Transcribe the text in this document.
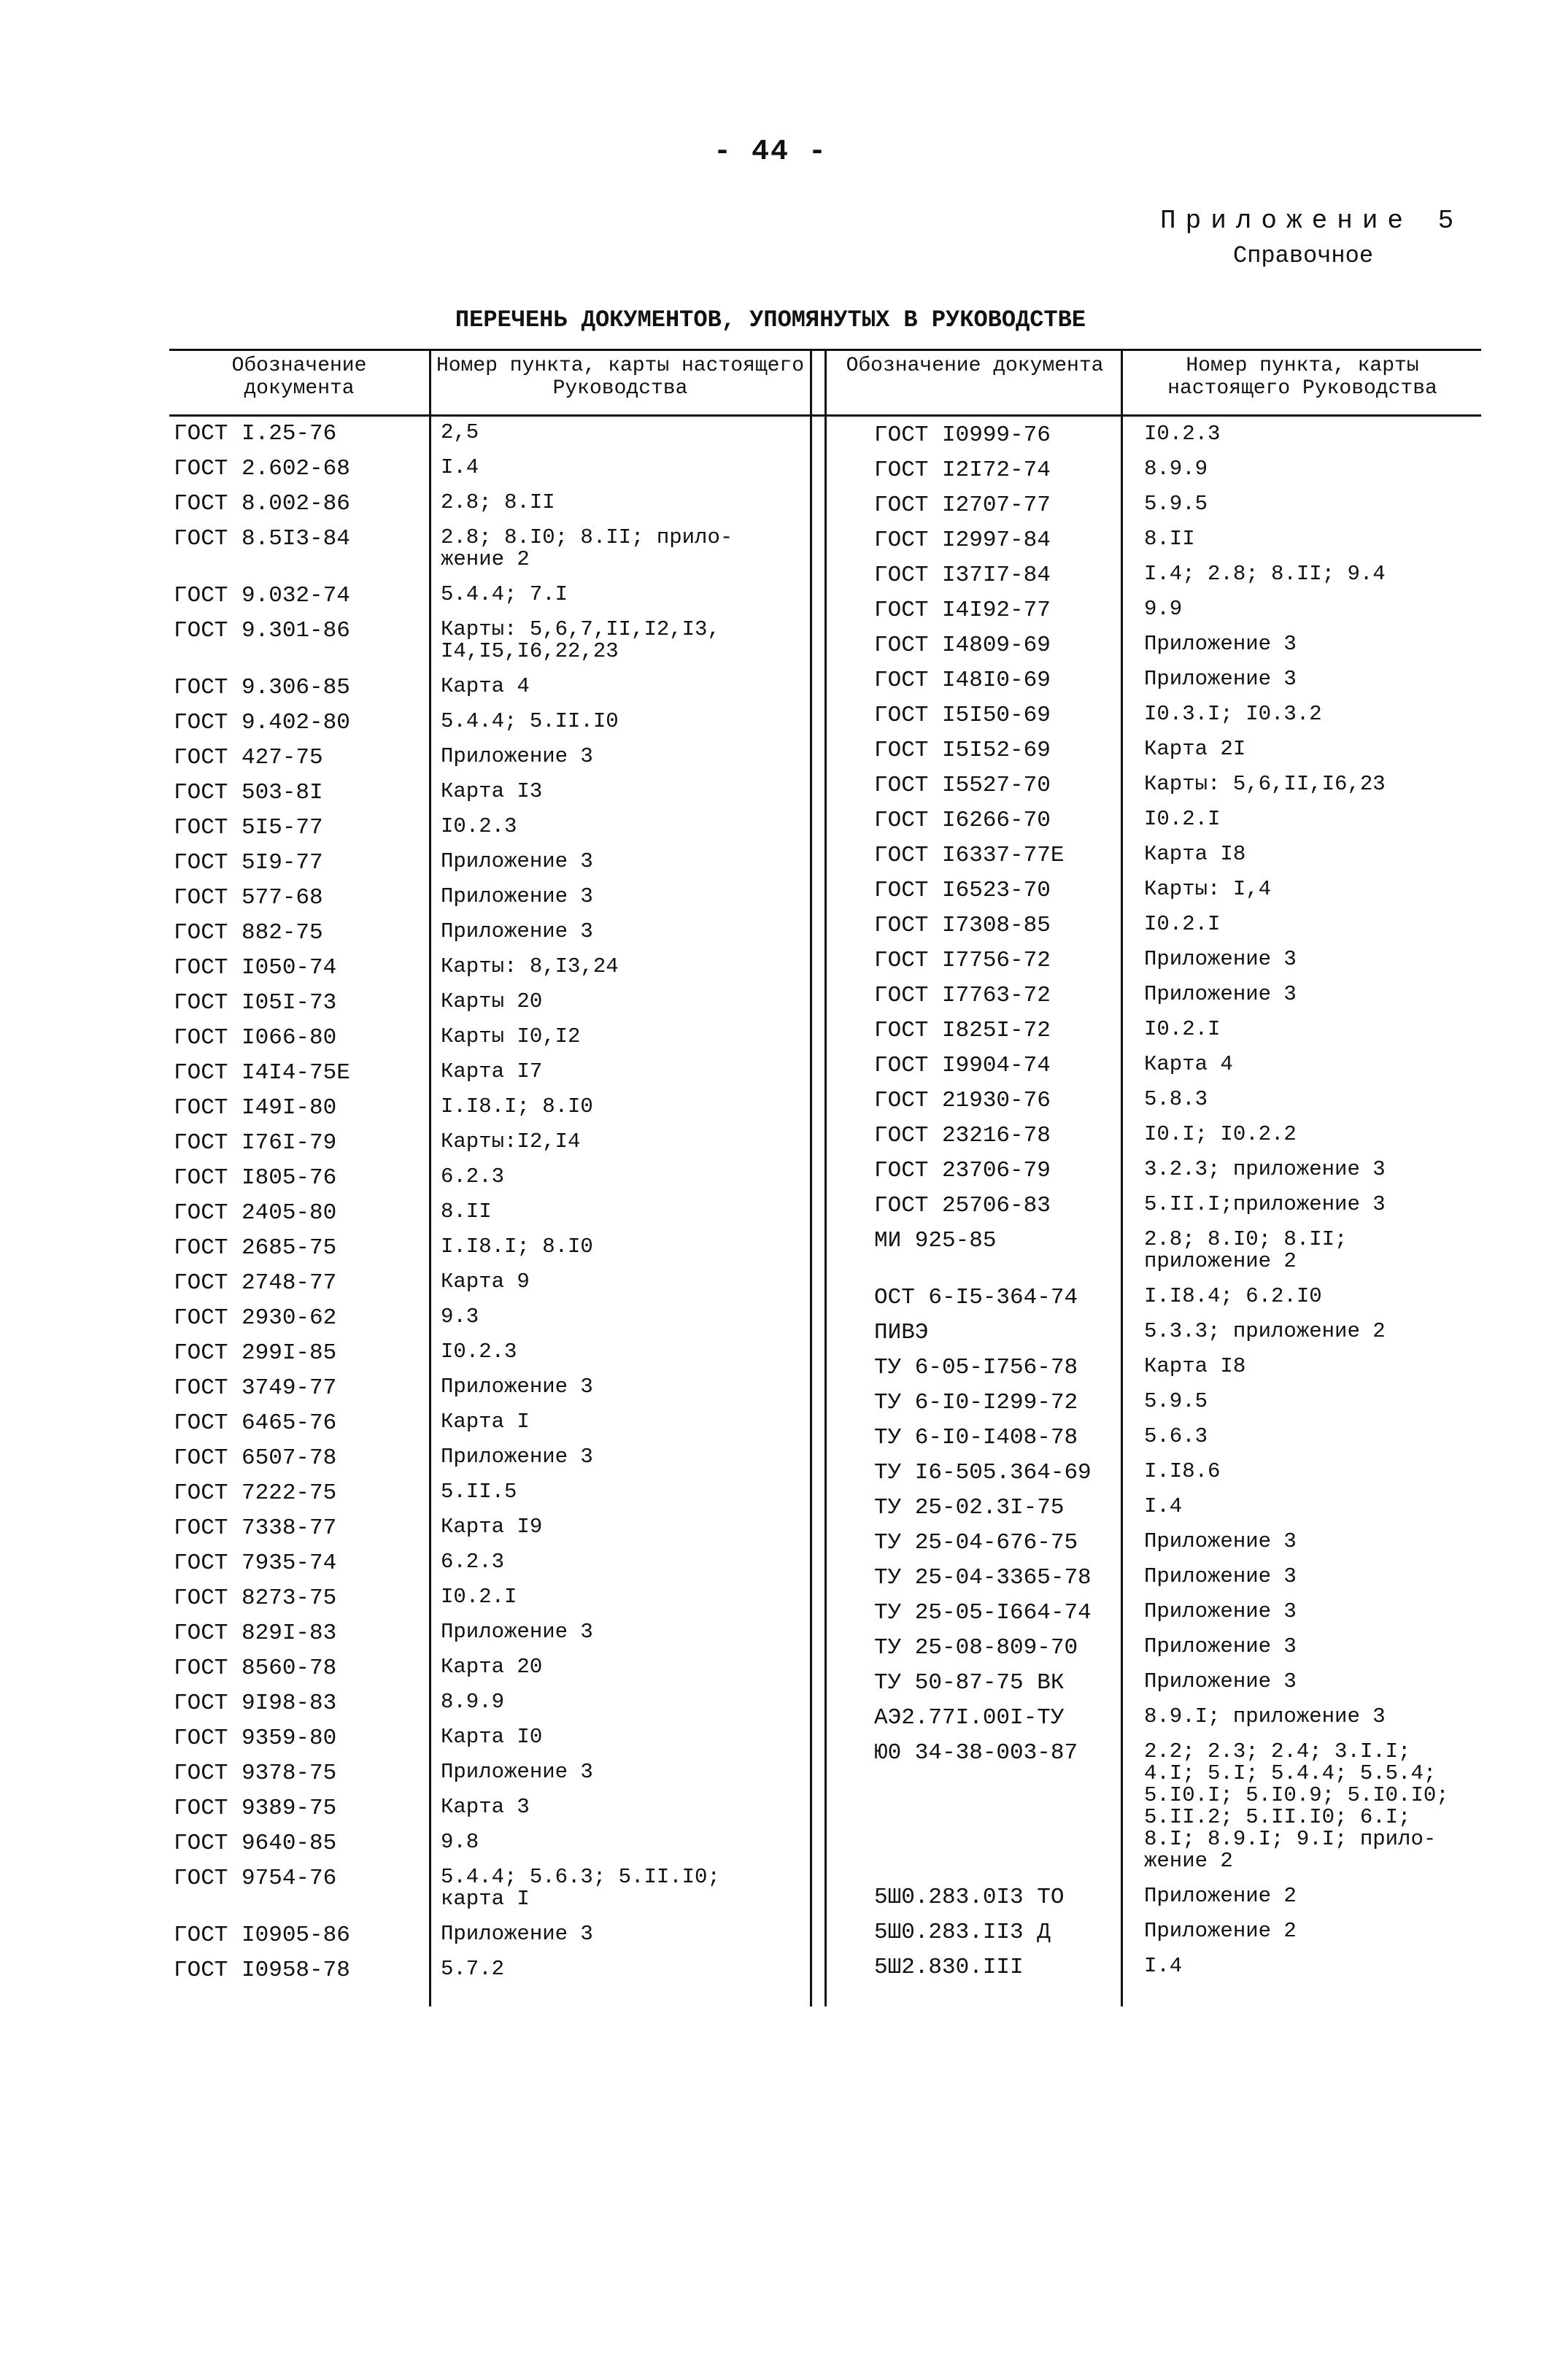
- 44 -
Приложение 5
Справочное
ПЕРЕЧЕНЬ ДОКУМЕНТОВ, УПОМЯНУТЫХ В РУКОВОДСТВЕ
Обозначение документа
Номер пункта, карты настоящего Руководства
Обозначение документа	Номер пункта, карты настоящего Руководства
ГОСТ I.25-76	2,5
ГОСТ 2.602-68	I.4
ГОСТ 8.002-86	2.8; 8.II
ГОСТ 8.5I3-84	2.8; 8.I0; 8.II; прило-
жение 2
ГОСТ 9.032-74	5.4.4; 7.I
ГОСТ 9.301-86	Карты: 5,6,7,II,I2,I3,
I4,I5,I6,22,23
ГОСТ 9.306-85	Карта 4
ГОСТ 9.402-80	5.4.4; 5.II.I0
ГОСТ 427-75	Приложение 3
ГОСТ 503-8I	Карта I3
ГОСТ 5I5-77	I0.2.3
ГОСТ 5I9-77	Приложение 3
ГОСТ 577-68	Приложение 3
ГОСТ 882-75	Приложение 3
ГОСТ I050-74	Карты: 8,I3,24
ГОСТ I05I-73	Карты 20
ГОСТ I066-80	Карты I0,I2
ГОСТ I4I4-75Е	Карта I7
ГОСТ I49I-80	I.I8.I; 8.I0
ГОСТ I76I-79	Карты:I2,I4
ГОСТ I805-76	6.2.3
ГОСТ 2405-80	8.II
ГОСТ 2685-75	I.I8.I; 8.I0
ГОСТ 2748-77	Карта 9
ГОСТ 2930-62	9.3
ГОСТ 299I-85	I0.2.3
ГОСТ 3749-77	Приложение 3
ГОСТ 6465-76	Карта I
ГОСТ 6507-78	Приложение 3
ГОСТ 7222-75	5.II.5
ГОСТ 7338-77	Карта I9
ГОСТ 7935-74	6.2.3
ГОСТ 8273-75	I0.2.I
ГОСТ 829I-83	Приложение 3
ГОСТ 8560-78	Карта 20
ГОСТ 9I98-83	8.9.9
ГОСТ 9359-80	Карта I0
ГОСТ 9378-75	Приложение 3
ГОСТ 9389-75	Карта 3
ГОСТ 9640-85	9.8
ГОСТ 9754-76	5.4.4; 5.6.3; 5.II.I0;
карта I
ГОСТ I0905-86	Приложение 3
ГОСТ I0958-78	5.7.2
ГОСТ I0999-76	I0.2.3
ГОСТ I2I72-74	8.9.9
ГОСТ I2707-77	5.9.5
ГОСТ I2997-84	8.II
ГОСТ I37I7-84	I.4; 2.8; 8.II; 9.4
ГОСТ I4I92-77	9.9
ГОСТ I4809-69	Приложение 3
ГОСТ I48I0-69	Приложение 3
ГОСТ I5I50-69	I0.3.I; I0.3.2
ГОСТ I5I52-69	Карта 2I
ГОСТ I5527-70	Карты: 5,6,II,I6,23
ГОСТ I6266-70	I0.2.I
ГОСТ I6337-77Е	Карта I8
ГОСТ I6523-70	Карты: I,4
ГОСТ I7308-85	I0.2.I
ГОСТ I7756-72	Приложение 3
ГОСТ I7763-72	Приложение 3
ГОСТ I825I-72	I0.2.I
ГОСТ I9904-74	Карта 4
ГОСТ 21930-76	5.8.3
ГОСТ 23216-78	I0.I; I0.2.2
ГОСТ 23706-79	3.2.3; приложение 3
ГОСТ 25706-83	5.II.I;приложение 3
МИ 925-85	2.8; 8.I0; 8.II;
приложение 2
ОСТ 6-I5-364-74	I.I8.4; 6.2.I0
ПИВЭ	5.3.3; приложение 2
ТУ 6-05-I756-78	Карта I8
ТУ 6-I0-I299-72	5.9.5
ТУ 6-I0-I408-78	5.6.3
ТУ I6-505.364-69 I.I8.6
ТУ 25-02.3I-75	I.4
ТУ 25-04-676-75	Приложение 3
ТУ 25-04-3365-78 Приложение 3
ТУ 25-05-I664-74 Приложение 3
ТУ 25-08-809-70	Приложение 3
ТУ 50-87-75 ВК	Приложение 3
АЭ2.77I.00I-ТУ	8.9.I; приложение 3
Ю0 34-38-003-87	2.2; 2.3; 2.4; 3.I.I;
4.I; 5.I; 5.4.4; 5.5.4;
5.I0.I; 5.I0.9; 5.I0.I0;
5.II.2; 5.II.I0; 6.I;
8.I; 8.9.I; 9.I; прило-
жение 2
5Ш0.283.0I3 ТО	Приложение 2
5Ш0.283.II3 Д	Приложение 2
5Ш2.830.III	I.4
